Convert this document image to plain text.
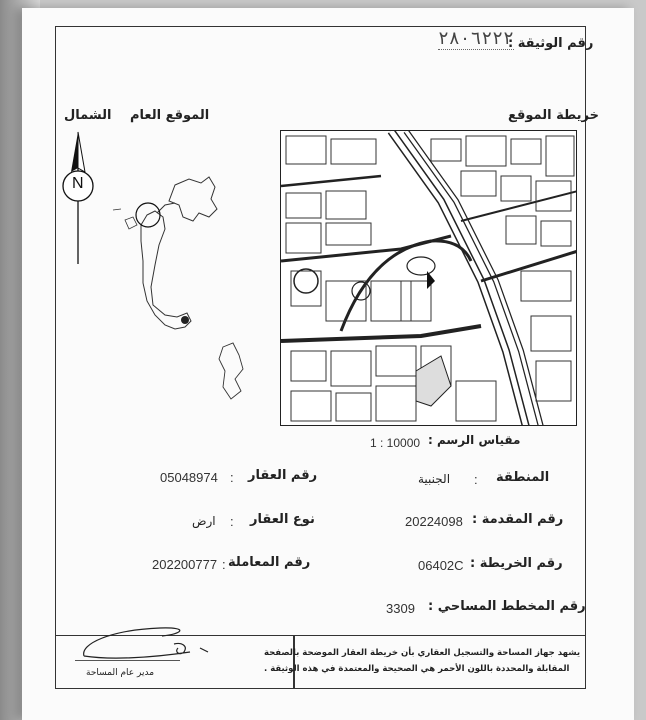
رقم الوثيقة :
٢٨٠٦٢٢٢
خريطة الموقع
الموقع العام
الشمال
N
مقياس الرسم :
1 : 10000
المنطقة
:
الجنبية
رقم المقدمة :
20224098
رقم الخريطة :
06402C
رقم المخطط المساحي :
3309
رقم العقار
:
05048974
نوع العقار
:
ارض
رقم المعاملة
:
202200777
يشهد جهاز المساحة والتسجيل العقاري بأن خريطة العقار الموضحة بالصفحة
المقابلة والمحددة باللون الأحمر هي الصحيحة والمعتمدة في هذه الوثيقة .
مدير عام المساحة
